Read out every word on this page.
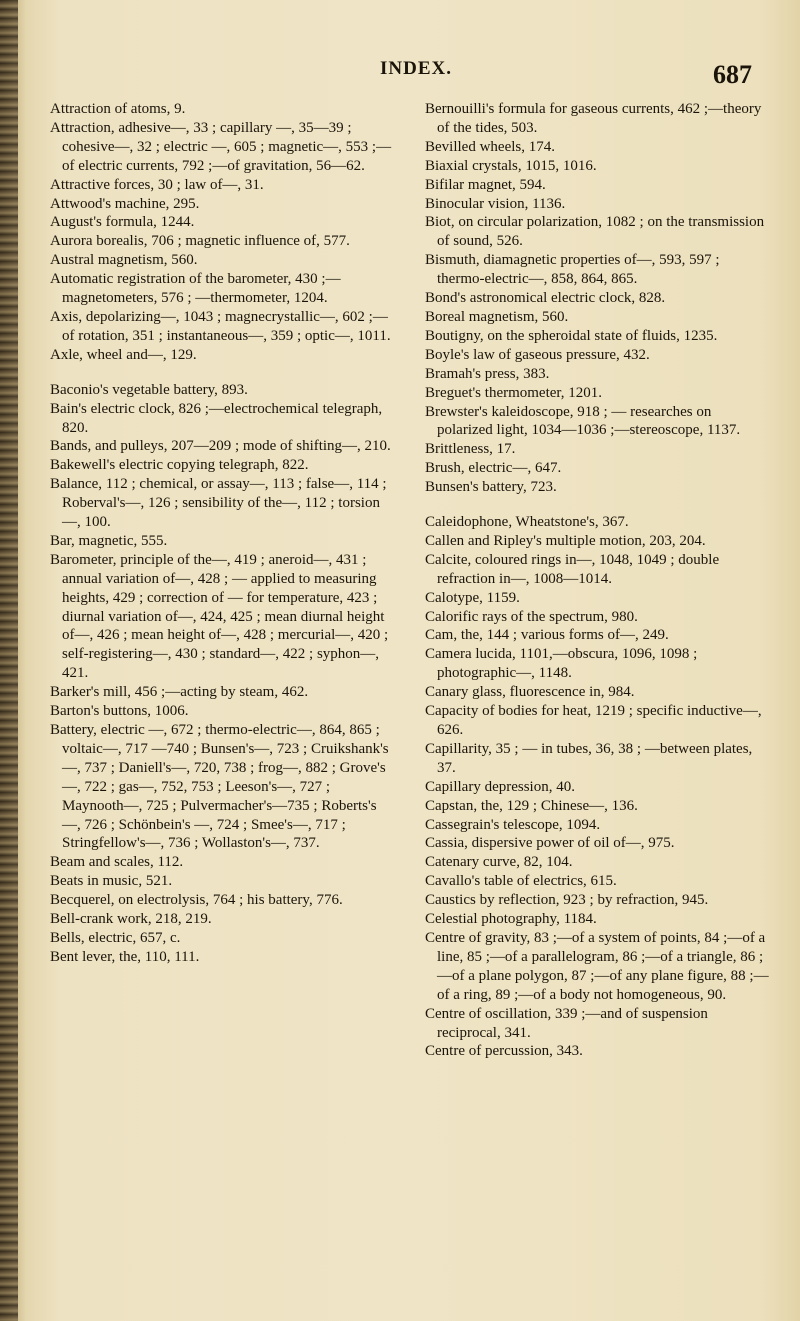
INDEX.	687

Attraction of atoms, 9.

Attraction, adhesive—, 33 ; capillary —, 35—39 ; cohesive—, 32 ; electric —, 605 ; magnetic—, 553 ;—of electric currents, 792 ;—of gravitation, 56—62.

Attractive forces, 30 ; law of—, 31.

Attwood's machine, 295.

August's formula, 1244.

Aurora borealis, 706 ; magnetic influence of, 577.

Austral magnetism, 560.

Automatic registration of the barometer, 430 ;—magnetometers, 576 ; —thermometer, 1204.

Axis, depolarizing—, 1043 ; magnecrystallic—, 602 ;—of rotation, 351 ; instantaneous—, 359 ; optic—, 1011.

Axle, wheel and—, 129.

Baconio's vegetable battery, 893.

Bain's electric clock, 826 ;—electrochemical telegraph, 820.

Bands, and pulleys, 207—209 ; mode of shifting—, 210.

Bakewell's electric copying telegraph, 822.

Balance, 112 ; chemical, or assay—, 113 ; false—, 114 ; Roberval's—, 126 ; sensibility of the—, 112 ; torsion—, 100.

Bar, magnetic, 555.

Barometer, principle of the—, 419 ; aneroid—, 431 ; annual variation of—, 428 ; — applied to measuring heights, 429 ; correction of — for temperature, 423 ; diurnal variation of—, 424, 425 ; mean diurnal height of—, 426 ; mean height of—, 428 ; mercurial—, 420 ; self-registering—, 430 ; standard—, 422 ; syphon—, 421.

Barker's mill, 456 ;—acting by steam, 462.

Barton's buttons, 1006.

Battery, electric —, 672 ; thermo-electric—, 864, 865 ; voltaic—, 717 —740 ; Bunsen's—, 723 ; Cruikshank's—, 737 ; Daniell's—, 720, 738 ; frog—, 882 ; Grove's—, 722 ; gas—, 752, 753 ; Leeson's—, 727 ; Maynooth—, 725 ; Pulvermacher's—735 ; Roberts's—, 726 ; Schönbein's —, 724 ; Smee's—, 717 ; Stringfellow's—, 736 ; Wollaston's—, 737.

Beam and scales, 112.

Beats in music, 521.

Becquerel, on electrolysis, 764 ; his battery, 776.

Bell-crank work, 218, 219.

Bells, electric, 657, c.

Bent lever, the, 110, 111.

Bernouilli's formula for gaseous currents, 462 ;—theory of the tides, 503.

Bevilled wheels, 174.

Biaxial crystals, 1015, 1016.

Bifilar magnet, 594.

Binocular vision, 1136.

Biot, on circular polarization, 1082 ; on the transmission of sound, 526.

Bismuth, diamagnetic properties of—, 593, 597 ; thermo-electric—, 858, 864, 865.

Bond's astronomical electric clock, 828.

Boreal magnetism, 560.

Boutigny, on the spheroidal state of fluids, 1235.

Boyle's law of gaseous pressure, 432.

Bramah's press, 383.

Breguet's thermometer, 1201.

Brewster's kaleidoscope, 918 ; — researches on polarized light, 1034—1036 ;—stereoscope, 1137.

Brittleness, 17.

Brush, electric—, 647.

Bunsen's battery, 723.

Caleidophone, Wheatstone's, 367.

Callen and Ripley's multiple motion, 203, 204.

Calcite, coloured rings in—, 1048, 1049 ; double refraction in—, 1008—1014.

Calotype, 1159.

Calorific rays of the spectrum, 980.

Cam, the, 144 ; various forms of—, 249.

Camera lucida, 1101,—obscura, 1096, 1098 ; photographic—, 1148.

Canary glass, fluorescence in, 984.

Capacity of bodies for heat, 1219 ; specific inductive—, 626.

Capillarity, 35 ; — in tubes, 36, 38 ; —between plates, 37.

Capillary depression, 40.

Capstan, the, 129 ; Chinese—, 136.

Cassegrain's telescope, 1094.

Cassia, dispersive power of oil of—, 975.

Catenary curve, 82, 104.

Cavallo's table of electrics, 615.

Caustics by reflection, 923 ; by refraction, 945.

Celestial photography, 1184.

Centre of gravity, 83 ;—of a system of points, 84 ;—of a line, 85 ;—of a parallelogram, 86 ;—of a triangle, 86 ; —of a plane polygon, 87 ;—of any plane figure, 88 ;—of a ring, 89 ;—of a body not homogeneous, 90.

Centre of oscillation, 339 ;—and of suspension reciprocal, 341.

Centre of percussion, 343.
